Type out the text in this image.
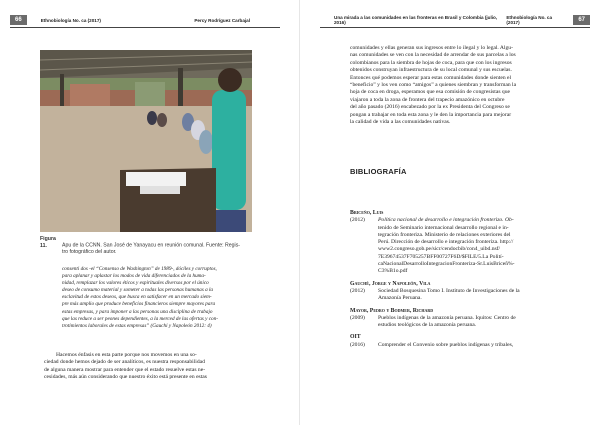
66	Ethnobiología No. ca (2017)	Percy Rodríguez Carbajal
Figura 11.	Apu de la CCNN. San José de Yanayacu en reunión comunal. Fuente: Regis-
tro fotográfico del autor.
consenti dos -el “Consenso de Washington” de 1989-, dóciles y corruptos,
para aplanar y aplastar los modos de vida diferenciados de la huma-
nidad, remplazar los valores éticos y espirituales diversos por el único
deseo de consumo material y someter a todas las personas humanas a la
esclavitud de estos deseos, que busca en satisfacer en un mercado siem-
pre más amplio que produce beneficios financieros siempre mayores para
estas empresas, y para imponer a las personas una disciplina de trabajo
que las reduce a ser peones dependientes, a la merced de las ofertas y con-
trotimientos laborales de estas empresas” (Gauchi y Napoleón 2012: 4)
Hacemos énfasis en esta parte porque nos movemos en una so-
ciedad donde hemos dejado de ser analíticos, es nuestra responsabilidad
de alguna manera mostrar para entender que el estado resuelve estas ne-
cesidades, más aún considerando que nuestro éxito está presente en estas
Una mirada a las comunidades en las fronteras en Brasil y Colombia (julio, 2016)
Ethnobiología No. ca (2017)	67
comunidades y ellas generan sus ingresos entre lo ilegal y lo legal. Algu-
nas comunidades se ven con la necesidad de arrendar de sus parcelas a los
colombianos para la siembra de hojas de coca, para que con los ingresos
obtenidos construyan infraestructura de su local comunal y sus escuelas.
Entonces qué podemos esperar para estas comunidades donde sienten el
“beneficio” y los ven como “amigos” a quienes siembran y transforman la
hoja de coca en droga, esperamos que esa comisión de congresistas que
viajaron a toda la zona de frontera del trapecio amazónico en octubre
del año pasado (2016) encabezado por la ex Presidenta del Congreso se
pongan a trabajar en toda esta zona y le den la importancia para mejorar
la calidad de vida a las comunidades nativas.
BIBLIOGRAFÍA
Briceño, Luis
(2012)	Política nacional de desarrollo e integración fronterizo. Ob-
tenido de Seminario internacional desarrollo regional e in-
tegración fronteriza. Ministerio de relaciones exteriores del
Perú. Dirección de desarrollo e integración fronteriza. http://
www2.congreso.gob.pe/sicr/cendocbib/con4_uibd.nsf/
7E39674537F705257BFF00727F6D/$FILE/5.La Polití-
caNacionalDesarrolloIntegracionFronteriza-Sr.LuisBriceñ%-
C3%B1o.pdf
Gauché, Jorge y Napoleón, Vila
(2012)	Sociedad Bosquesina Tomo I. Instituto de Investigaciones de la
Amazonía Peruana.
Mayor, Pedro y Bodmer, Richard
(2009)	Pueblos indígenas de la amazonía peruana. Iquitos: Centro de
estudios teológicos de la amazonía peruana.
OIT
(2016)	Comprender el Convenio sobre pueblos indígenas y tribales,
